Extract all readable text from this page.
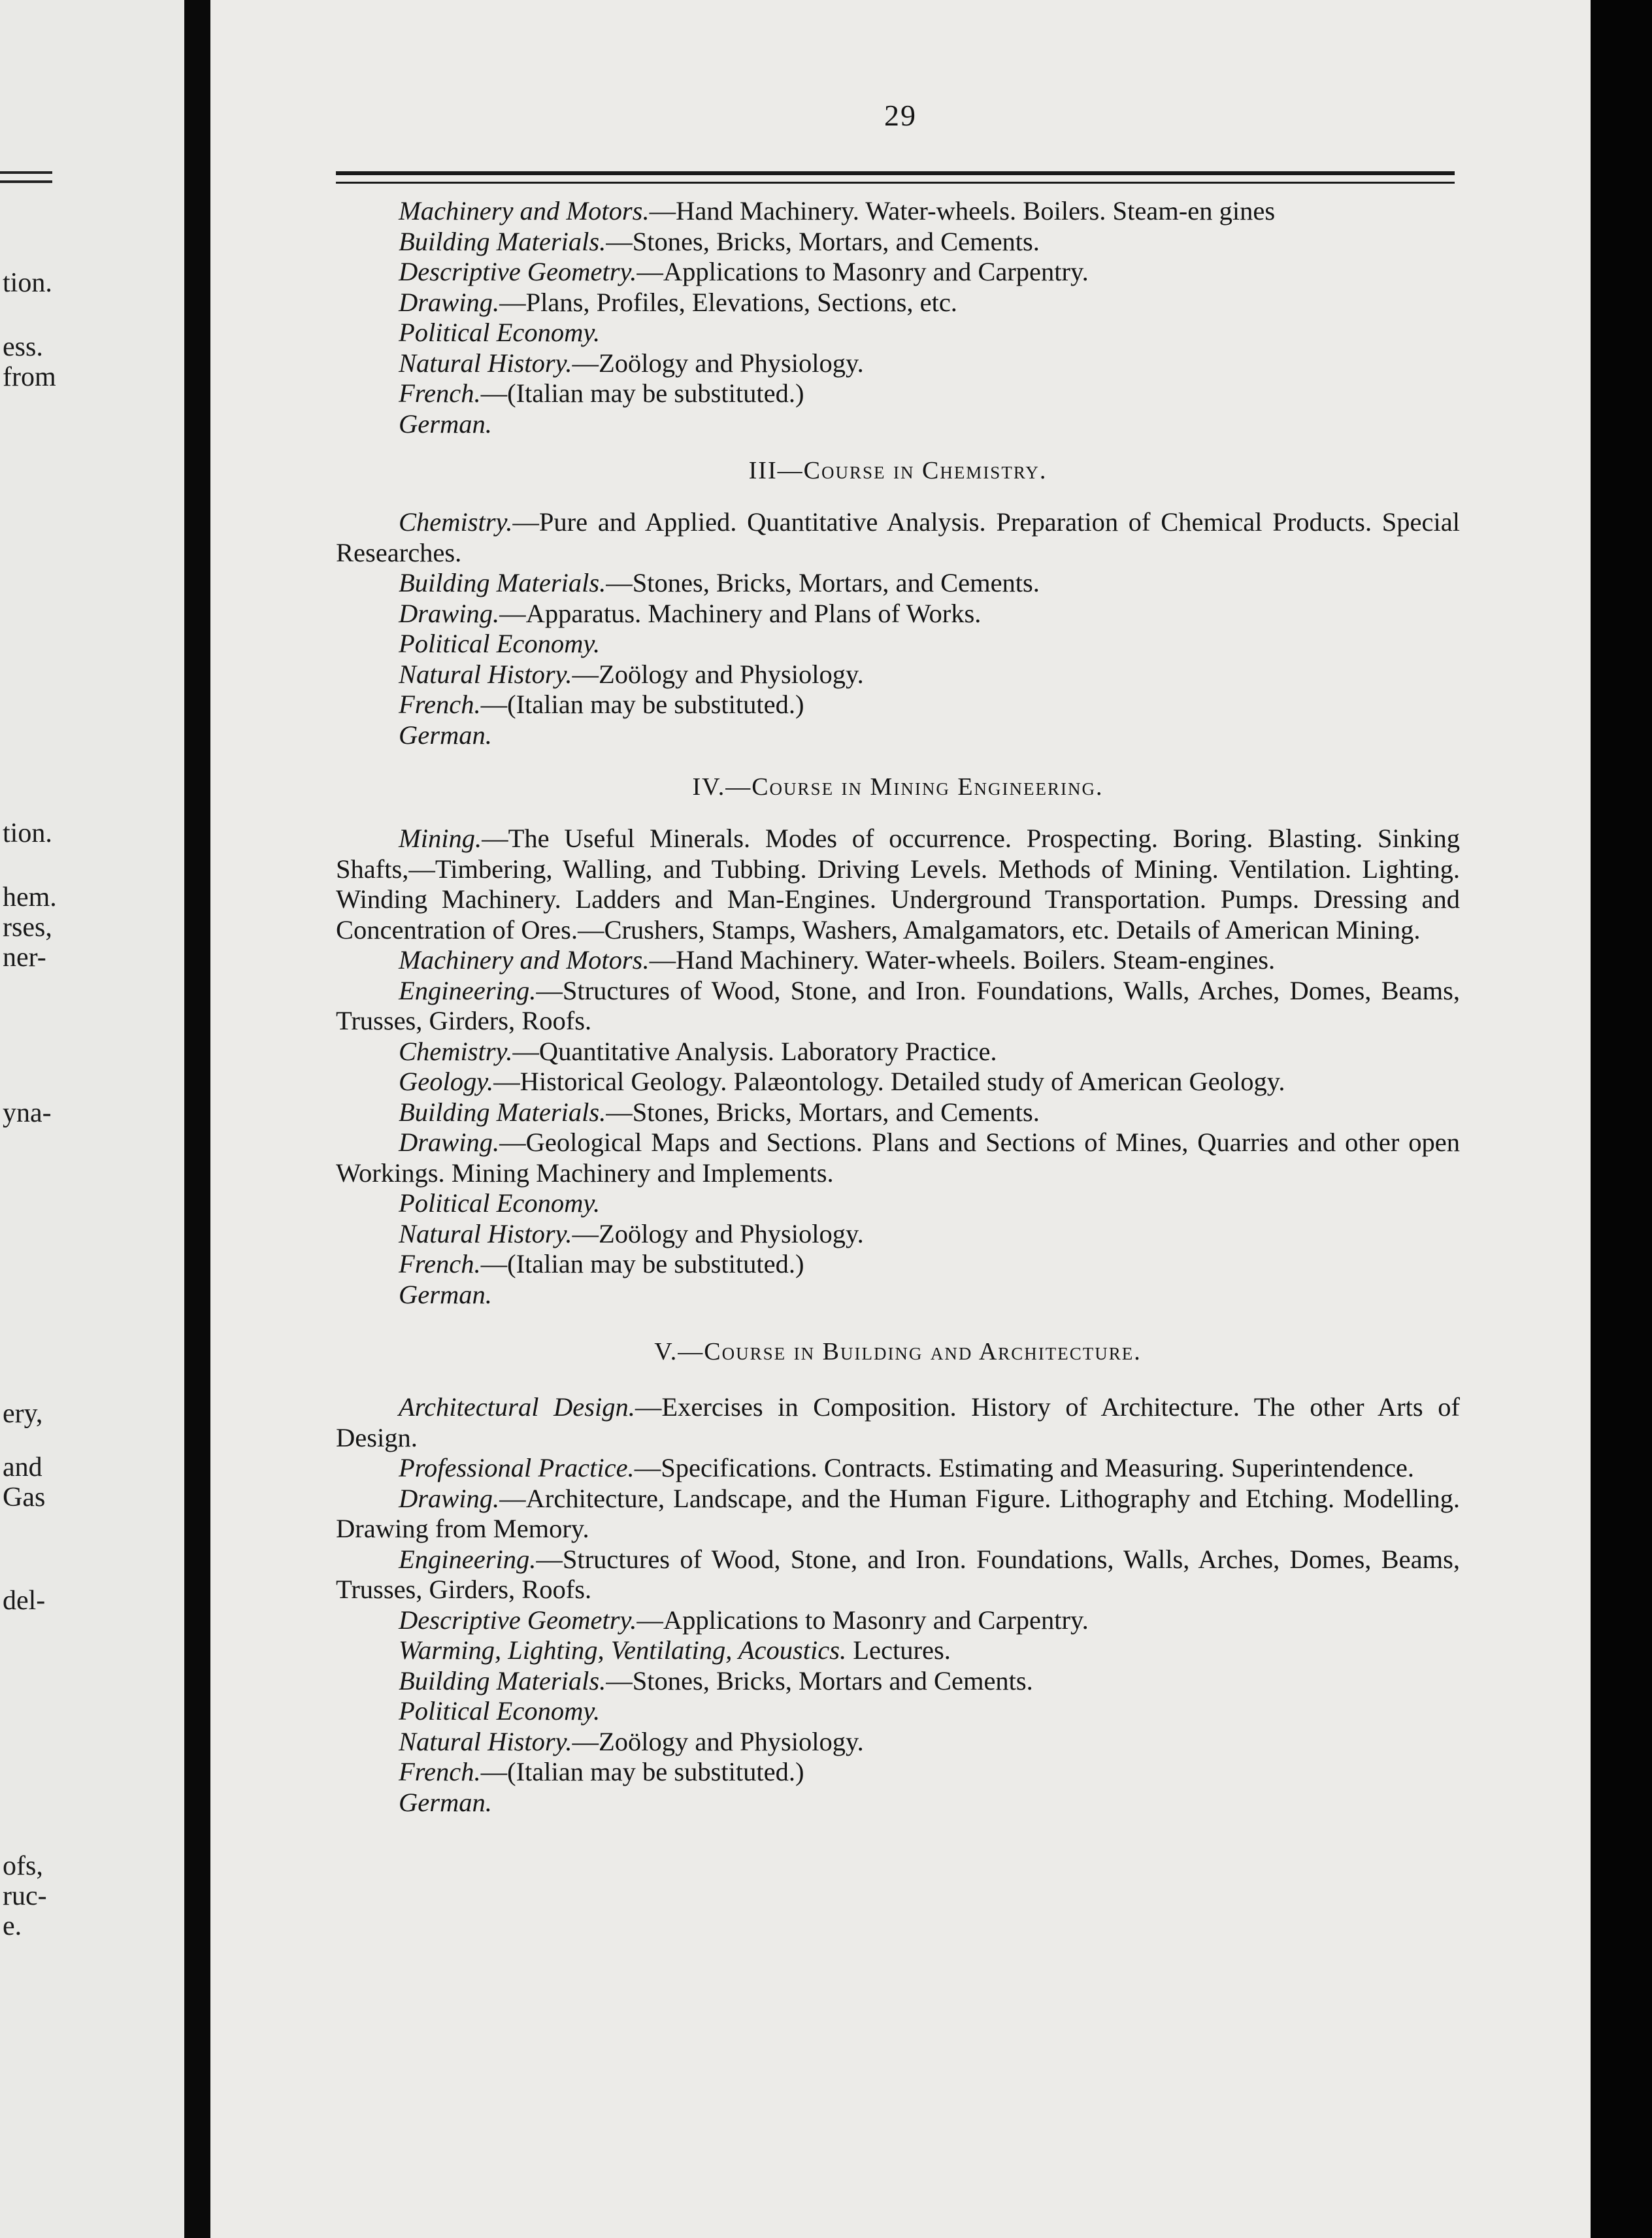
tion.
ess.
from
tion.
hem.
rses,
ner-
yna-
ery,
and
Gas
del-
ofs,
ruc-
e.
29

Machinery and Motors.—Hand Machinery. Water-wheels. Boilers. Steam-en gines

Building Materials.—Stones, Bricks, Mortars, and Cements.

Descriptive Geometry.—Applications to Masonry and Carpentry.

Drawing.—Plans, Profiles, Elevations, Sections, etc.

Political Economy.

Natural History.—Zoölogy and Physiology.

French.—(Italian may be substituted.)

German.

III—Course in Chemistry.

Chemistry.—Pure and Applied. Quantitative Analysis. Preparation of Chemical Products. Special Researches.

Building Materials.—Stones, Bricks, Mortars, and Cements.

Drawing.—Apparatus. Machinery and Plans of Works.

Political Economy.

Natural History.—Zoölogy and Physiology.

French.—(Italian may be substituted.)

German.

IV.—Course in Mining Engineering.

Mining.—The Useful Minerals. Modes of occurrence. Prospecting. Boring. Blasting. Sinking Shafts,—Timbering, Walling, and Tubbing. Driving Levels. Methods of Mining. Ventilation. Lighting. Winding Machinery. Ladders and Man-Engines. Underground Transportation. Pumps. Dressing and Concentration of Ores.—Crushers, Stamps, Washers, Amalgamators, etc. Details of American Mining.

Machinery and Motors.—Hand Machinery. Water-wheels. Boilers. Steam-engines.

Engineering.—Structures of Wood, Stone, and Iron. Foundations, Walls, Arches, Domes, Beams, Trusses, Girders, Roofs.

Chemistry.—Quantitative Analysis. Laboratory Practice.

Geology.—Historical Geology. Palæontology. Detailed study of American Geology.

Building Materials.—Stones, Bricks, Mortars, and Cements.

Drawing.—Geological Maps and Sections. Plans and Sections of Mines, Quarries and other open Workings. Mining Machinery and Implements.

Political Economy.

Natural History.—Zoölogy and Physiology.

French.—(Italian may be substituted.)

German.

V.—Course in Building and Architecture.

Architectural Design.—Exercises in Composition. History of Architecture. The other Arts of Design.

Professional Practice.—Specifications. Contracts. Estimating and Measuring. Superintendence.

Drawing.—Architecture, Landscape, and the Human Figure. Lithography and Etching. Modelling. Drawing from Memory.

Engineering.—Structures of Wood, Stone, and Iron. Foundations, Walls, Arches, Domes, Beams, Trusses, Girders, Roofs.

Descriptive Geometry.—Applications to Masonry and Carpentry.

Warming, Lighting, Ventilating, Acoustics. Lectures.

Building Materials.—Stones, Bricks, Mortars and Cements.

Political Economy.

Natural History.—Zoölogy and Physiology.

French.—(Italian may be substituted.)

German.
